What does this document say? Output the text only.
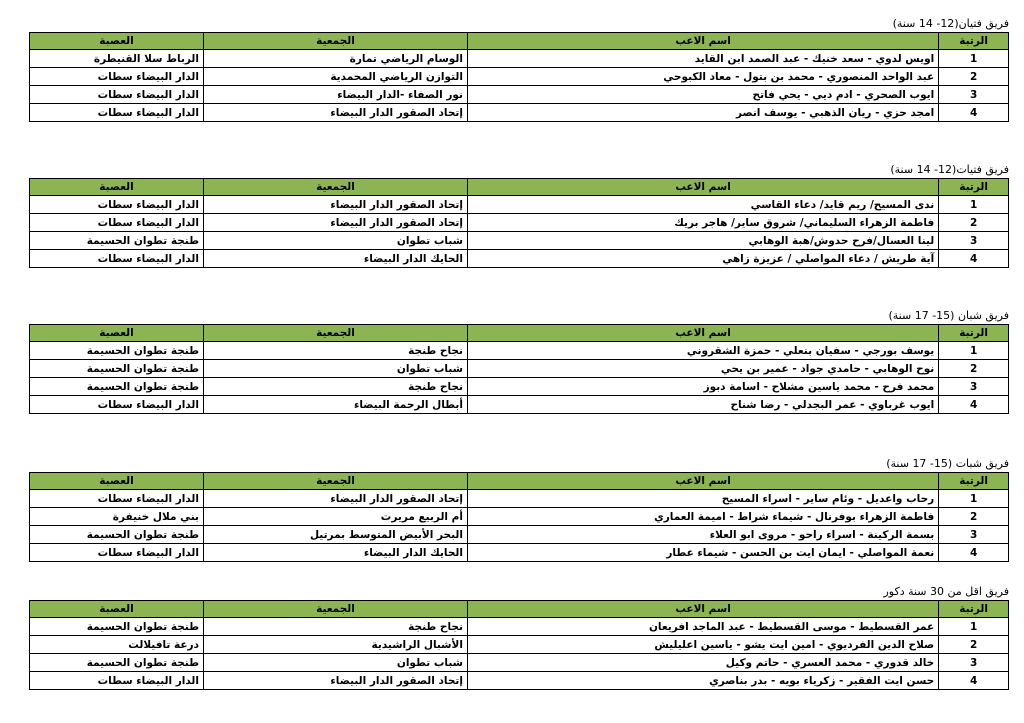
فريق فتيان(12- 14 سنة)
الرتبة	اسم الاعب	الجمعية	العصبة
1	اويس لدوي - سعد خنيك - عبد الصمد ابن القايد	الوسام الرياضي تمارة	الرباط سلا القنيطرة
2	عبد الواحد المنصوري - محمد بن بتول - معاد الكبوحي	التوازن الرياضي المحمدية	الدار البيضاء سطات
3	ايوب الصحري - ادم ديي - يحي فاتح	نور الصفاء -الدار البيضاء	الدار البيضاء سطات
4	امجد حزي - ريان الذهبي - يوسف انصر	إتحاد الصقور الدار البيضاء	الدار البيضاء سطات
فريق فتيات(12- 14 سنة)
الرتبة	اسم الاعب	الجمعية	العصبة
1	ندى المسيح/ ريم قايد/ دعاء القاسي	إتحاد الصقور الدار البيضاء	الدار البيضاء سطات
2	فاطمة الزهراء السليماني/ شروق ساير/ هاجر بريك	إتحاد الصقور الدار البيضاء	الدار البيضاء سطات
3	لينا العسال/فرح حدوش/هبة الوهابي	شباب تطوان	طنجة تطوان الحسيمة
4	آية طريش / دعاء المواصلي / عزيزة زاهي	الحايك الدار البيضاء	الدار البيضاء سطات
فريق شبان (15- 17 سنة)
الرتبة	اسم الاعب	الجمعية	العصبة
1	يوسف بورجي - سفيان بنعلي - حمزة الشقروني	نجاح طنجة	طنجة تطوان الحسيمة
2	نوح الوهابي - حامدي جواد - عمير بن يحي	شباب تطوان	طنجة تطوان الحسيمة
3	محمد فرح - محمد ياسين مشلاح - اسامة دبوز	نجاح طنجة	طنجة تطوان الحسيمة
4	ايوب غرباوي - عمر البجدلي - رضا شناح	أبطال الرحمة البيضاء	الدار البيضاء سطات
فريق شبات (15- 17 سنة)
الرتبة	اسم الاعب	الجمعية	العصبة
1	رحاب واعديل - وئام ساير - اسراء المسيح	إتحاد الصقور الدار البيضاء	الدار البيضاء سطات
2	فاطمة الزهراء بوفرنال - شيماء شراط - اميمة العماري	أم الربيع مريرت	بني ملال خنيفرة
3	بسمة الركينة - اسراء راحو - مروى ابو العلاء	البحر الأبيض المتوسط بمرتيل	طنجة تطوان الحسيمة
4	نعمة المواصلي - ايمان ايت بن الحسن - شيماء عطار	الحايك الدار البيضاء	الدار البيضاء سطات
فريق اقل من 30 سنة دكور
الرتبة	اسم الاعب	الجمعية	العصبة
1	عمر القسطيط - موسى القسطيط - عبد الماجد افريعان	نجاح طنجة	طنجة تطوان الحسيمة
2	صلاح الدين الفرديوي - امين ايت يشو - ياسين اعليليش	الأشبال الراشيدية	درعة تافيلالت
3	خالد قدوري - محمد العسري - حاتم وكيل	شباب تطوان	طنجة تطوان الحسيمة
4	حسن ايت الفقير - زكرياء بويه - بدر بناصري	إتحاد الصقور الدار البيضاء	الدار البيضاء سطات
